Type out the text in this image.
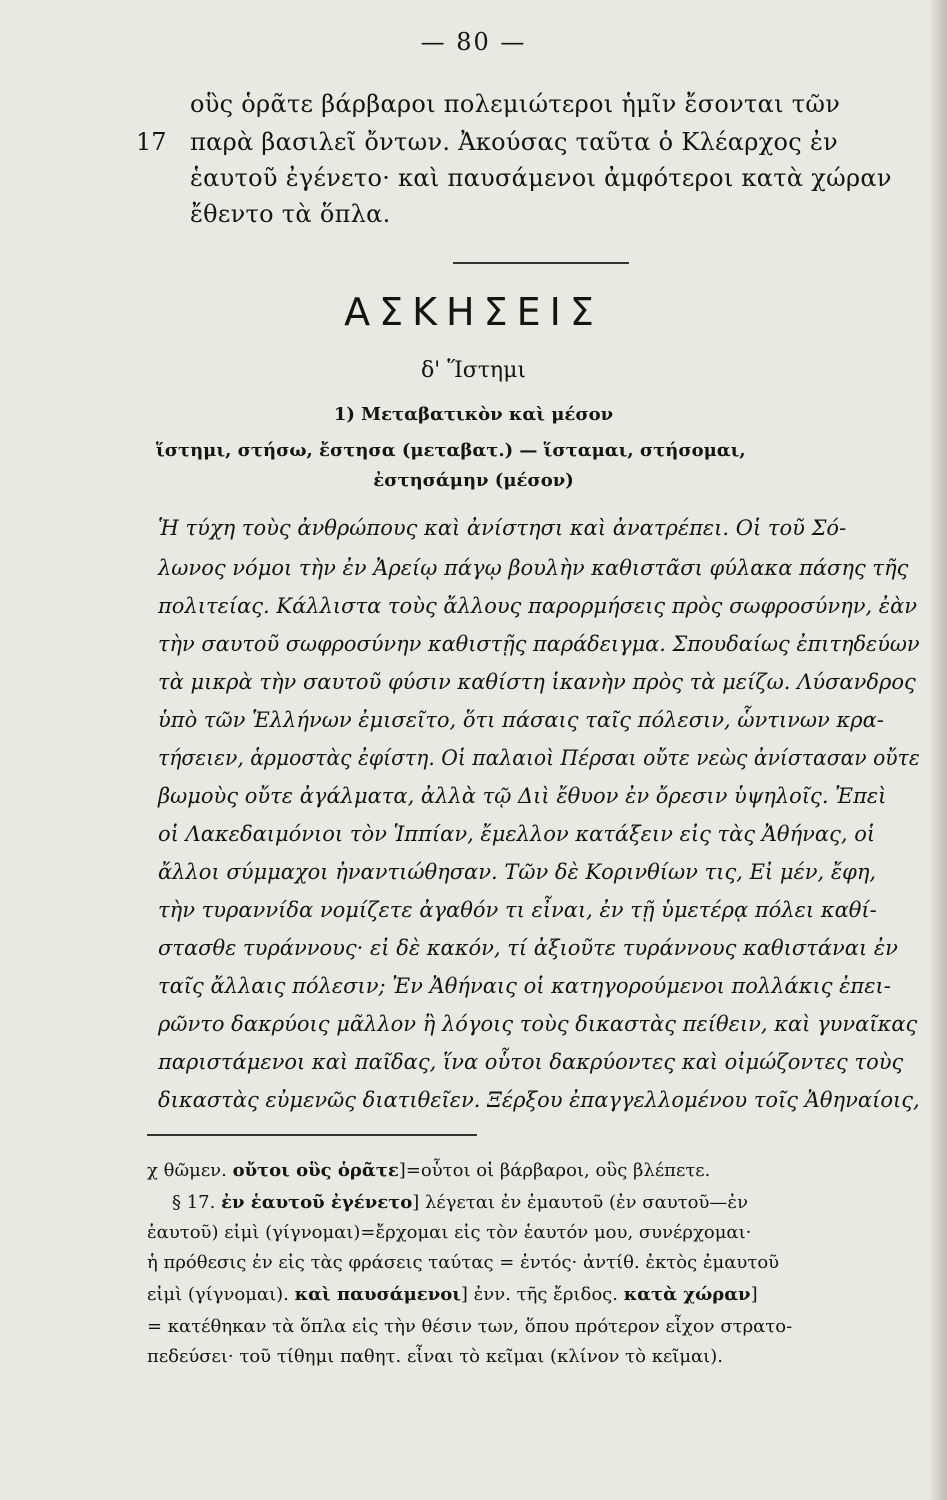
— 80 —
οὓς ὁρᾶτε βάρβαροι πολεμιώτεροι ἡμῖν ἔσονται τῶν
17 παρὰ βασιλεῖ ὄντων. Ἀκούσας ταῦτα ὁ Κλέαρχος ἐν
ἑαυτοῦ ἐγένετο· καὶ παυσάμενοι ἀμφότεροι κατὰ χώραν
ἔθεντο τὰ ὅπλα.
ΑΣΚΗΣΕΙΣ
δ' Ἵστημι
1) Μεταβατικὸν καὶ μέσον
ἵστημι, στήσω, ἔστησα (μεταβατ.) — ἵσταμαι, στήσομαι,
ἐστησάμην (μέσον)
Ἡ τύχη τοὺς ἀνθρώπους καὶ ἀνίστησι καὶ ἀνατρέπει. Οἱ τοῦ Σό-
λωνος νόμοι τὴν ἐν Ἀρείῳ πάγῳ βουλὴν καθιστᾶσι φύλακα πάσης τῆς
πολιτείας. Κάλλιστα τοὺς ἄλλους παρορμήσεις πρὸς σωφροσύνην, ἐὰν
τὴν σαυτοῦ σωφροσύνην καθιστῇς παράδειγμα. Σπουδαίως ἐπιτηδεύων
τὰ μικρὰ τὴν σαυτοῦ φύσιν καθίστη ἱκανὴν πρὸς τὰ μείζω. Λύσανδρος
ὑπὸ τῶν Ἑλλήνων ἐμισεῖτο, ὅτι πάσαις ταῖς πόλεσιν, ὧντινων κρα-
τήσειεν, ἁρμοστὰς ἐφίστη. Οἱ παλαιοὶ Πέρσαι οὔτε νεὼς ἀνίστασαν οὔτε
βωμοὺς οὔτε ἀγάλματα, ἀλλὰ τῷ Διὶ ἔθυον ἐν ὄρεσιν ὑψηλοῖς. Ἐπεὶ
οἱ Λακεδαιμόνιοι τὸν Ἱππίαν, ἔμελλον κατάξειν εἰς τὰς Ἀθήνας, οἱ
ἄλλοι σύμμαχοι ἠναντιώθησαν. Τῶν δὲ Κορινθίων τις, Εἰ μέν, ἔφη,
τὴν τυραννίδα νομίζετε ἀγαθόν τι εἶναι, ἐν τῇ ὑμετέρᾳ πόλει καθί-
στασθε τυράννους· εἰ δὲ κακόν, τί ἀξιοῦτε τυράννους καθιστάναι ἐν
ταῖς ἄλλαις πόλεσιν; Ἐν Ἀθήναις οἱ κατηγορούμενοι πολλάκις ἐπει-
ρῶντο δακρύοις μᾶλλον ἢ λόγοις τοὺς δικαστὰς πείθειν, καὶ γυναῖκας
παριστάμενοι καὶ παῖδας, ἵνα οὗτοι δακρύοντες καὶ οἰμώζοντες τοὺς
δικαστὰς εὐμενῶς διατιθεῖεν. Ξέρξου ἐπαγγελλομένου τοῖς Ἀθηναίοις,
χ θῶμεν. οὔτοι οὓς ὁρᾶτε]=οὗτοι οἱ βάρβαροι, οὓς βλέπετε.
§ 17. ἐν ἑαυτοῦ ἐγένετο] λέγεται ἐν ἐμαυτοῦ (ἐν σαυτοῦ—ἐν
ἑαυτοῦ) εἰμὶ (γίγνομαι)=ἔρχομαι εἰς τὸν ἑαυτόν μου, συνέρχομαι·
ἡ πρόθεσις ἐν εἰς τὰς φράσεις ταύτας = ἐντός· ἀντίθ. ἐκτὸς ἐμαυτοῦ
εἰμὶ (γίγνομαι). καὶ παυσάμενοι] ἐνν. τῆς ἔριδος. κατὰ χώραν]
= κατέθηκαν τὰ ὅπλα εἰς τὴν θέσιν των, ὅπου πρότερον εἶχον στρατο-
πεδεύσει· τοῦ τίθημι παθητ. εἶναι τὸ κεῖμαι (κλίνον τὸ κεῖμαι).
